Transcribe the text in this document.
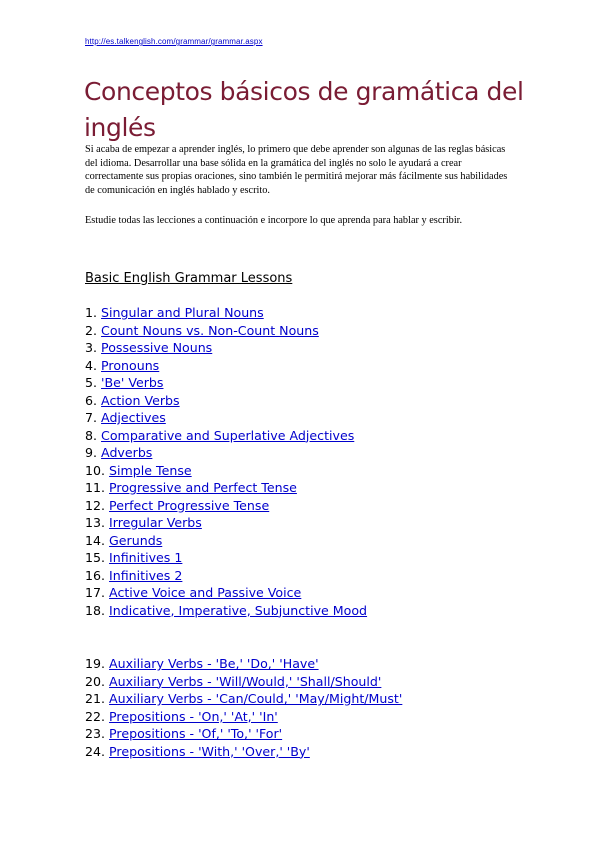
http://es.talkenglish.com/grammar/grammar.aspx
Conceptos básicos de gramática del inglés

Si acaba de empezar a aprender inglés, lo primero que debe aprender son algunas de las reglas básicas del idioma. Desarrollar una base sólida en la gramática del inglés no solo le ayudará a crear correctamente sus propias oraciones, sino también le permitirá mejorar más fácilmente sus habilidades de comunicación en inglés hablado y escrito.

Estudie todas las lecciones a continuación e incorpore lo que aprenda para hablar y escribir.

Basic English Grammar Lessons
1. Singular and Plural Nouns
2. Count Nouns vs. Non-Count Nouns
3. Possessive Nouns
4. Pronouns
5. 'Be' Verbs
6. Action Verbs
7. Adjectives
8. Comparative and Superlative Adjectives
9. Adverbs
10. Simple Tense
11. Progressive and Perfect Tense
12. Perfect Progressive Tense
13. Irregular Verbs
14. Gerunds
15. Infinitives 1
16. Infinitives 2
17. Active Voice and Passive Voice
18. Indicative, Imperative, Subjunctive Mood
19. Auxiliary Verbs - 'Be,' 'Do,' 'Have'
20. Auxiliary Verbs - 'Will/Would,' 'Shall/Should'
21. Auxiliary Verbs - 'Can/Could,' 'May/Might/Must'
22. Prepositions - 'On,' 'At,' 'In'
23. Prepositions - 'Of,' 'To,' 'For'
24. Prepositions - 'With,' 'Over,' 'By'
